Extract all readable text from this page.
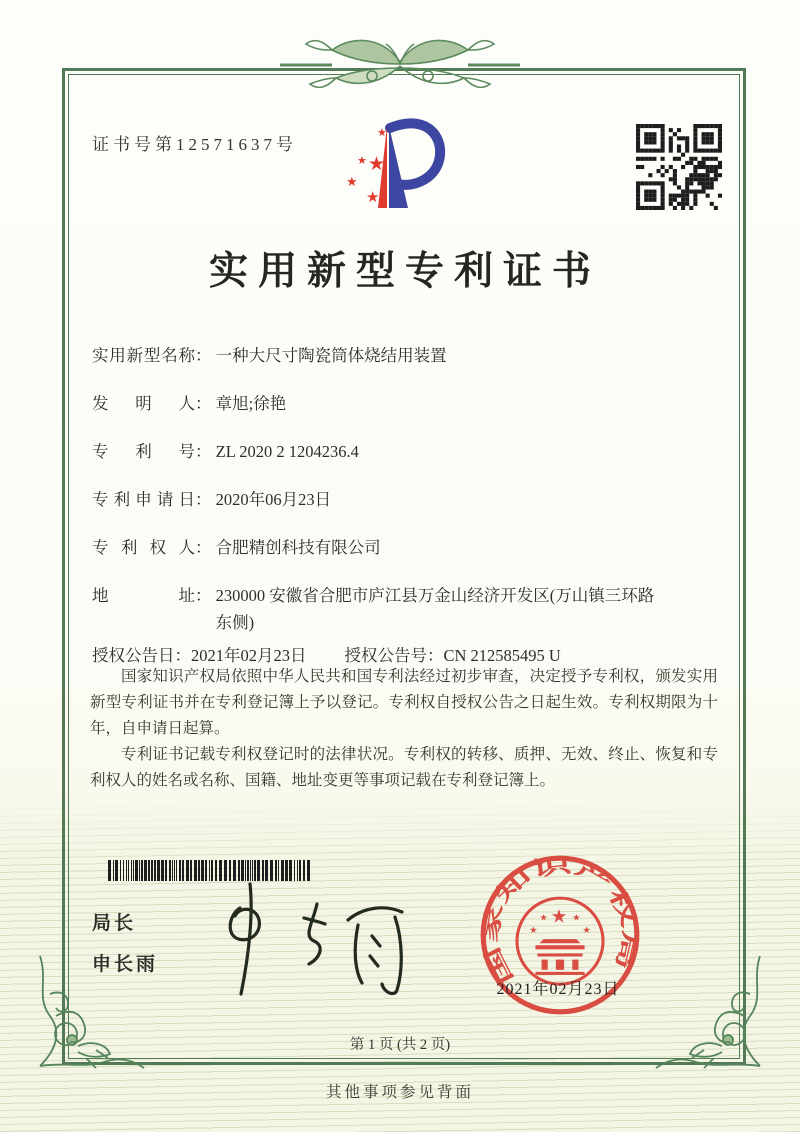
证书号第12571637号
★
★ ★
★
★
实用新型专利证书
实用新型名称： 一种大尺寸陶瓷筒体烧结用装置
发明人： 章旭;徐艳
专利号： ZL 2020 2 1204236.4
专利申请日： 2020年06月23日
专利权人： 合肥精创科技有限公司
地址： 230000 安徽省合肥市庐江县万金山经济开发区(万山镇三环路东侧)
授权公告日：2021年02月23日 授权公告号：CN 212585495 U

国家知识产权局依照中华人民共和国专利法经过初步审查，决定授予专利权，颁发实用新型专利证书并在专利登记簿上予以登记。专利权自授权公告之日起生效。专利权期限为十年，自申请日起算。

专利证书记载专利权登记时的法律状况。专利权的转移、质押、无效、终止、恢复和专利权人的姓名或名称、国籍、地址变更等事项记载在专利登记簿上。

局长
申长雨	国家知识产权局
★
★
★	★
★
2021年02月23日
第 1 页 (共 2 页)
其他事项参见背面
